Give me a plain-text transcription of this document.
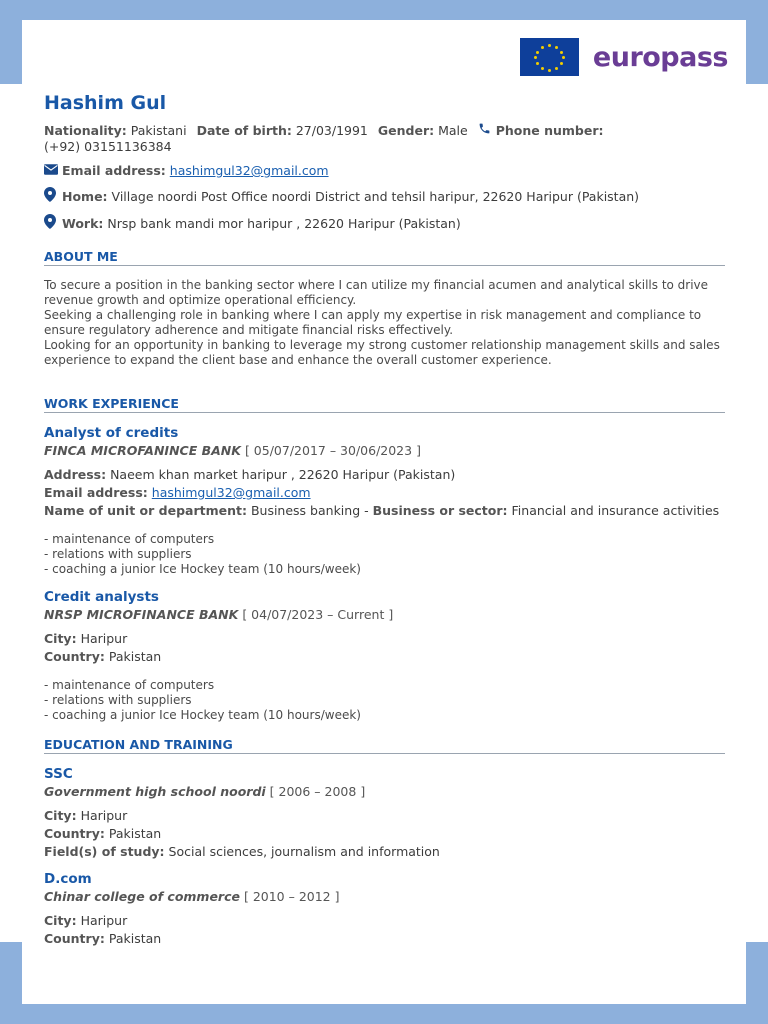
europass
Hashim Gul
Nationality:
Pakistani Date of birth:
27/03/1991 Gender:
Male Phone number:

(+92) 03151136384
Email address:
hashimgul32@gmail.com
Home:
Village noordi Post Office noordi District and tehsil haripur, 22620 Haripur (Pakistan)
Work:
Nrsp bank mandi mor haripur , 22620 Haripur (Pakistan)
ABOUT ME

To secure a position in the banking sector where I can utilize my financial acumen and analytical skills to drive revenue growth and optimize operational efficiency.

Seeking a challenging role in banking where I can apply my expertise in risk management and compliance to ensure regulatory adherence and mitigate financial risks effectively.

Looking for an opportunity in banking to leverage my strong customer relationship management skills and sales experience to expand the client base and enhance the overall customer experience.

WORK EXPERIENCE
Analyst of credits
FINCA MICROFANINCE BANK [ 05/07/2017 – 30/06/2023 ]

Address: Naeem khan market haripur , 22620 Haripur (Pakistan)

Email address: hashimgul32@gmail.com

Name of unit or department: Business banking - Business or sector: Financial and insurance activities

- maintenance of computers
- relations with suppliers
- coaching a junior Ice Hockey team (10 hours/week)
Credit analysts
NRSP MICROFINANCE BANK [ 04/07/2023 – Current ]

City: Haripur

Country: Pakistan

- maintenance of computers
- relations with suppliers
- coaching a junior Ice Hockey team (10 hours/week)
EDUCATION AND TRAINING
SSC
Government high school noordi [ 2006 – 2008 ]

City: Haripur

Country: Pakistan

Field(s) of study: Social sciences, journalism and information

D.com
Chinar college of commerce [ 2010 – 2012 ]

City: Haripur

Country: Pakistan
